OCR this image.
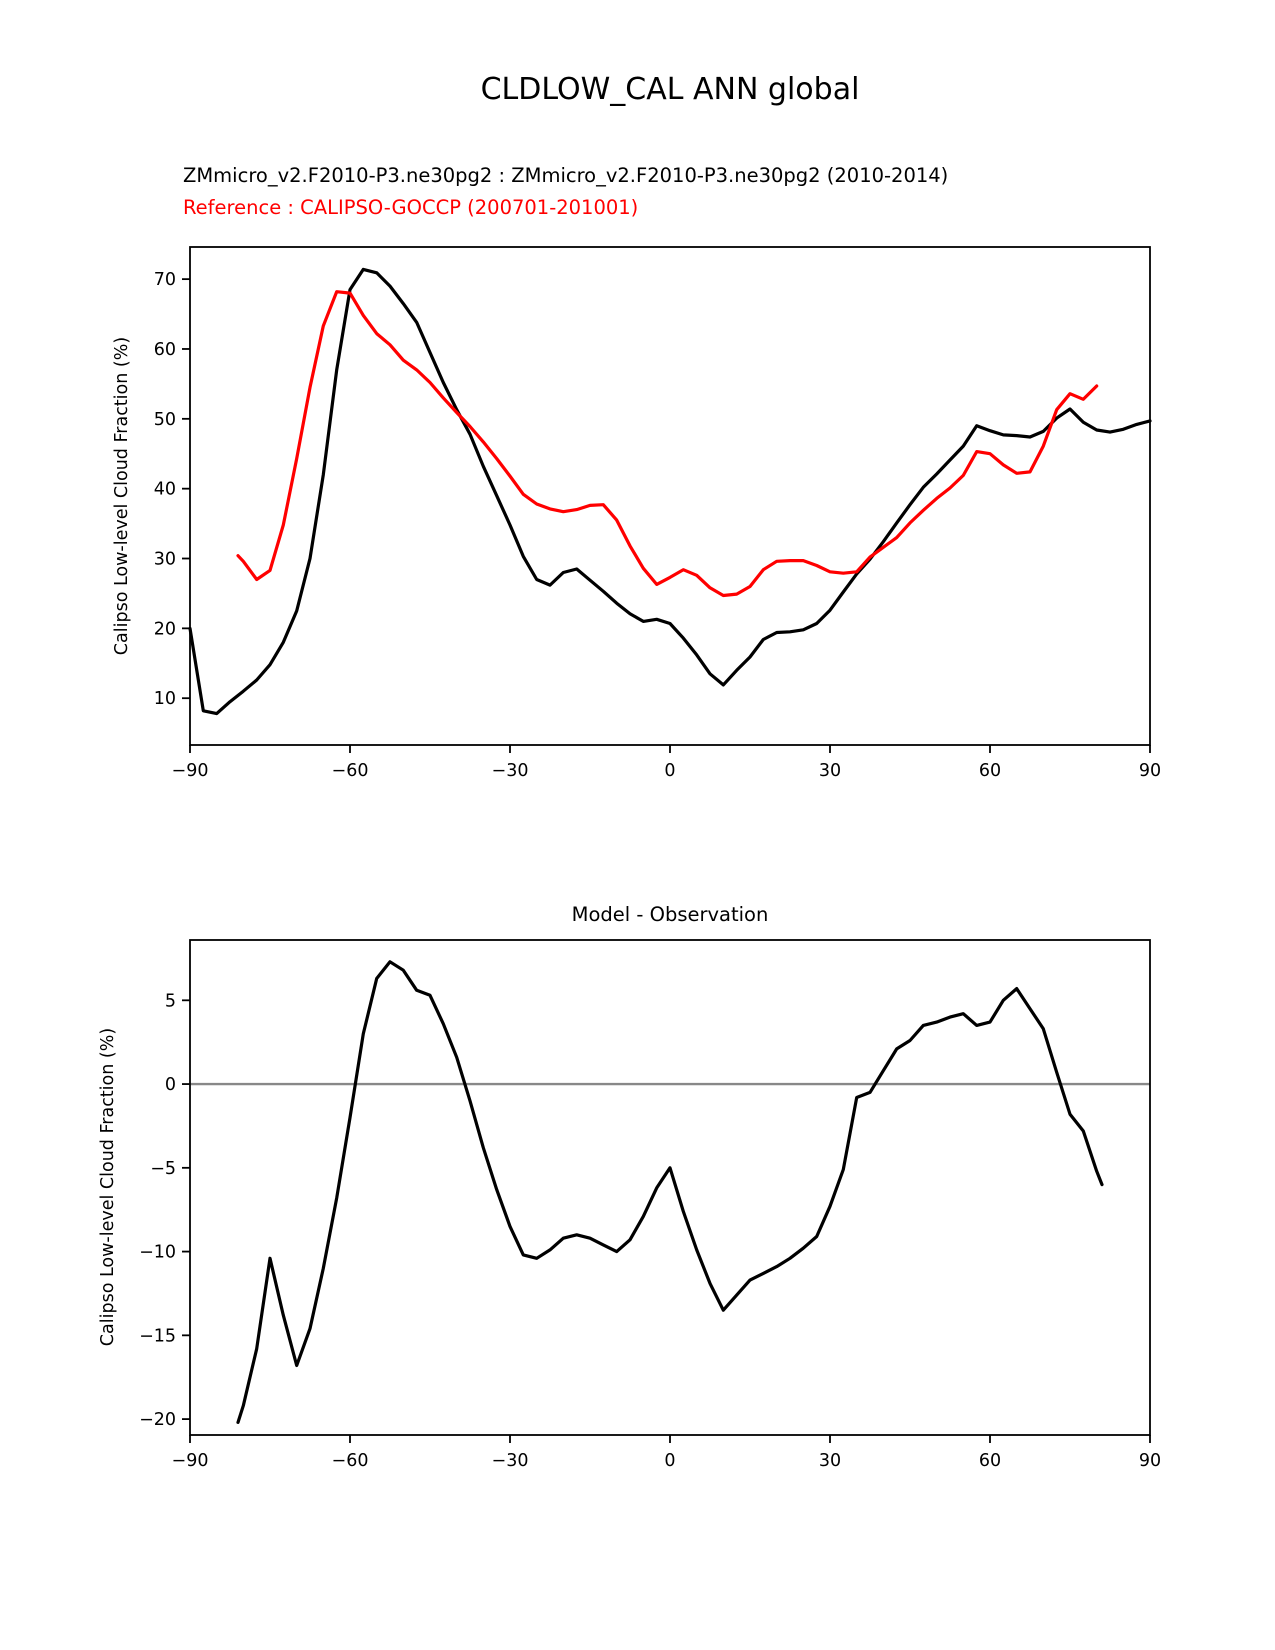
−90	−60	−30	0	30	60	90
10
20
30
40
50
60
70
−90	−60	−30	0	30	60	90
5
0
−5
−10
−15
−20
CLDLOW_CAL ANN global
ZMmicro_v2.F2010-P3.ne30pg2 : ZMmicro_v2.F2010-P3.ne30pg2 (2010-2014)
Reference : CALIPSO-GOCCP (200701-201001)
Calipso Low-level Cloud Fraction (%)
Model - Observation
Calipso Low-level Cloud Fraction (%)
